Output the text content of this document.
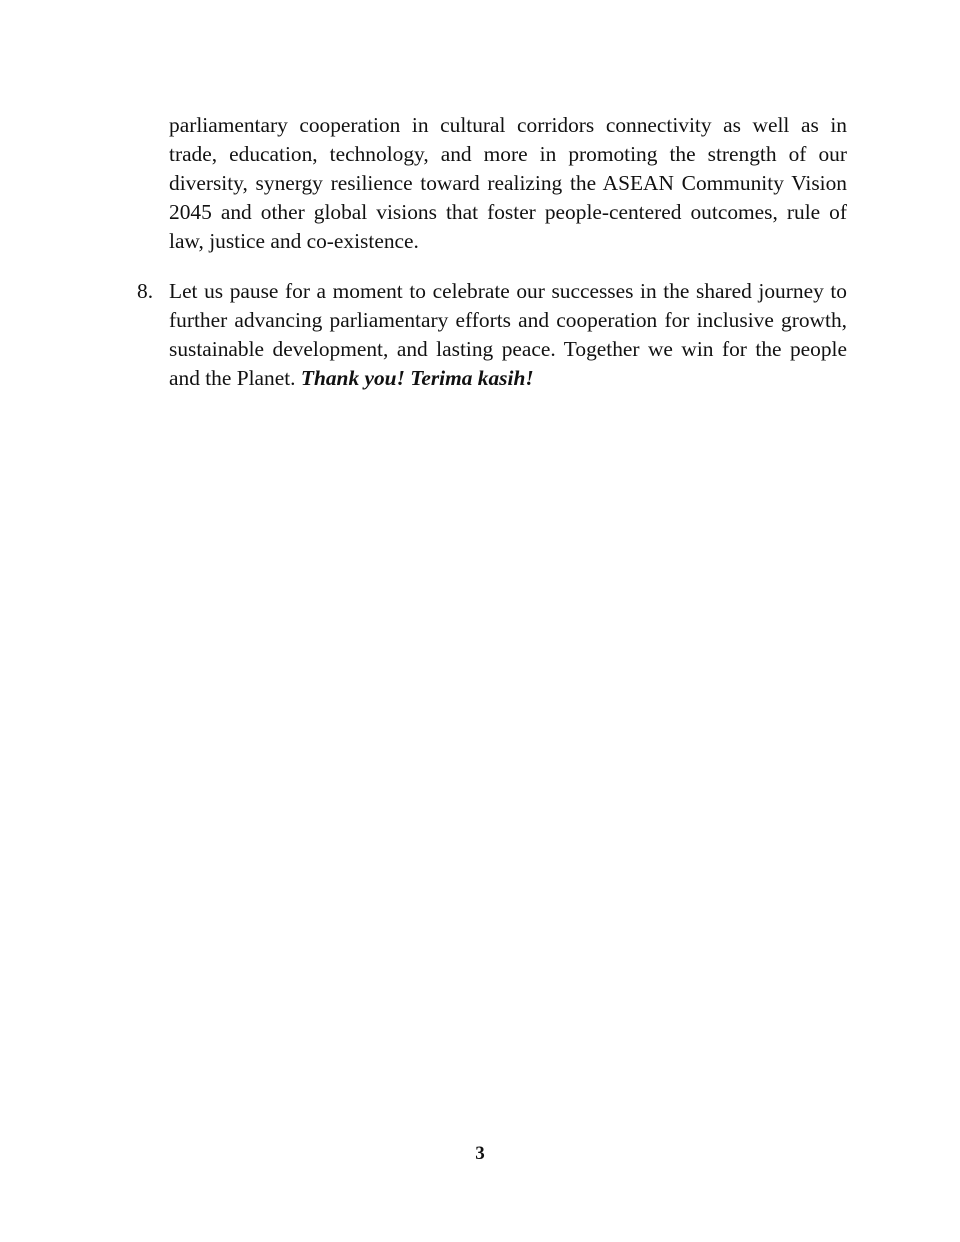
parliamentary cooperation in cultural corridors connectivity as well as in
trade, education, technology, and more in promoting the strength of our
diversity, synergy resilience toward realizing the ASEAN Community Vision
2045 and other global visions that foster people-centered outcomes, rule of
law, justice and co-existence.
8. Let us pause for a moment to celebrate our successes in the shared journey to
further advancing parliamentary efforts and cooperation for inclusive growth,
sustainable development, and lasting peace. Together we win for the people
and the Planet. Thank you! Terima kasih!
3
